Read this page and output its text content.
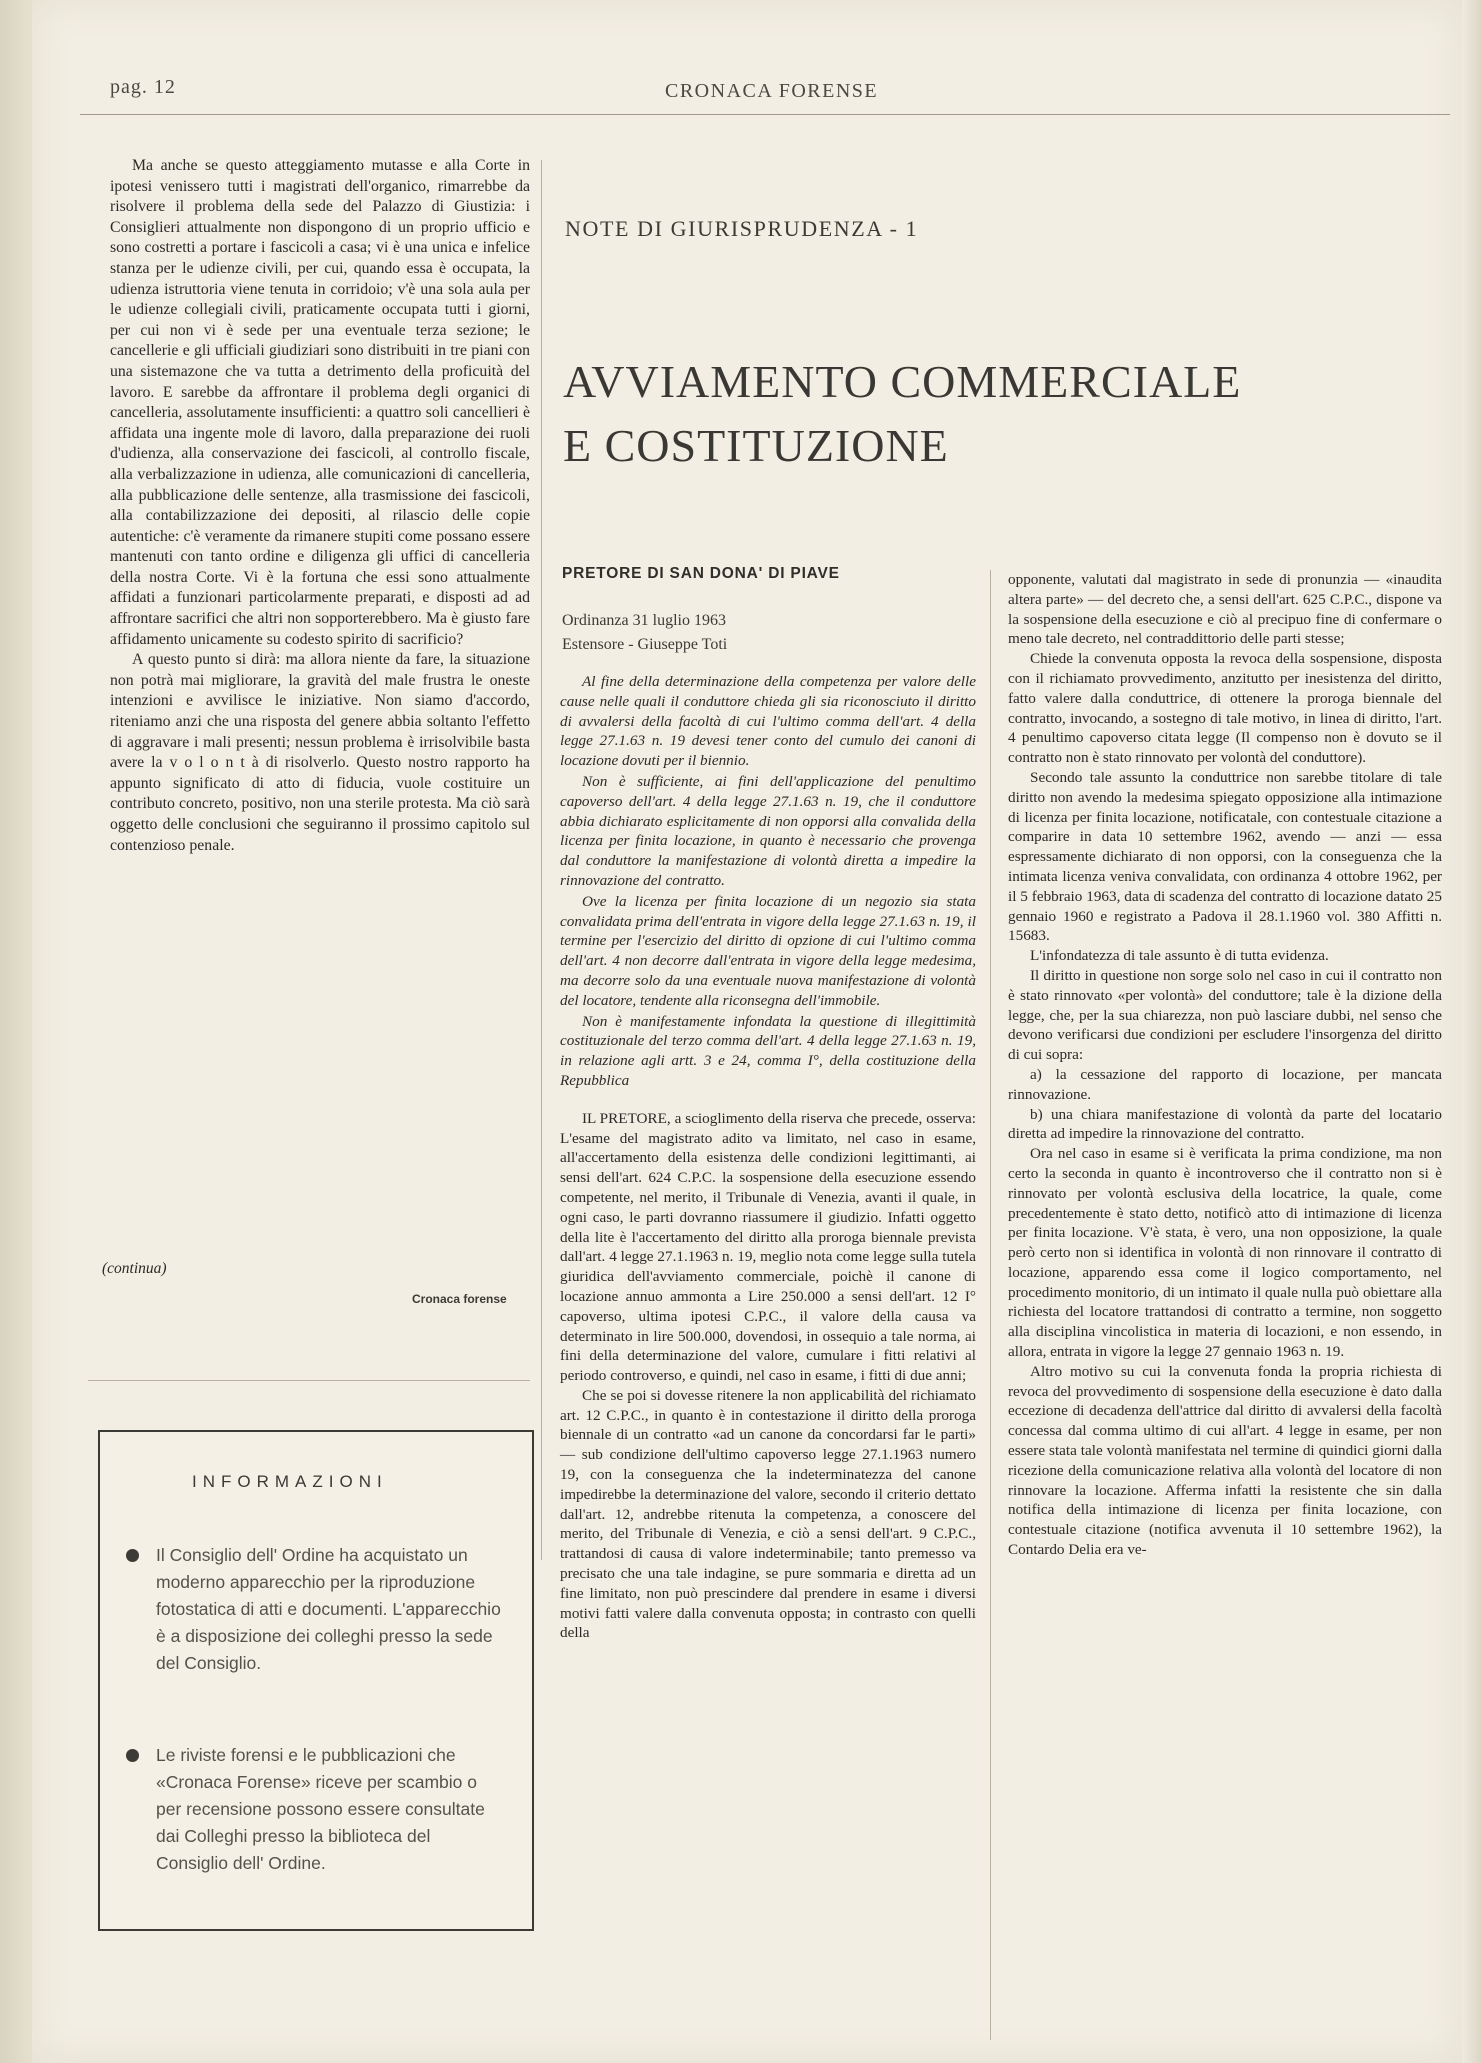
pag. 12	CRONACA FORENSE

Ma anche se questo atteggiamento mutasse e alla Corte in ipotesi venissero tutti i magistrati dell'organico, rimarrebbe da risolvere il problema della sede del Palazzo di Giustizia: i Consiglieri attualmente non dispongono di un proprio ufficio e sono costretti a portare i fascicoli a casa; vi è una unica e infelice stanza per le udienze civili, per cui, quando essa è occupata, la udienza istruttoria viene tenuta in corridoio; v'è una sola aula per le udienze collegiali civili, praticamente occupata tutti i giorni, per cui non vi è sede per una eventuale terza sezione; le cancellerie e gli ufficiali giudiziari sono distribuiti in tre piani con una sistemazone che va tutta a detrimento della proficuità del lavoro. E sarebbe da affrontare il problema degli organici di cancelleria, assolutamente insufficienti: a quattro soli cancellieri è affidata una ingente mole di lavoro, dalla preparazione dei ruoli d'udienza, alla conservazione dei fascicoli, al controllo fiscale, alla verbalizzazione in udienza, alle comunicazioni di cancelleria, alla pubblicazione delle sentenze, alla trasmissione dei fascicoli, alla contabilizzazione dei depositi, al rilascio delle copie autentiche: c'è veramente da rimanere stupiti come possano essere mantenuti con tanto ordine e diligenza gli uffici di cancelleria della nostra Corte. Vi è la fortuna che essi sono attualmente affidati a funzionari particolarmente preparati, e disposti ad ad affrontare sacrifici che altri non sopporterebbero. Ma è giusto fare affidamento unicamente su codesto spirito di sacrificio?

A questo punto si dirà: ma allora niente da fare, la situazione non potrà mai migliorare, la gravità del male frustra le oneste intenzioni e avvilisce le iniziative. Non siamo d'accordo, riteniamo anzi che una risposta del genere abbia soltanto l'effetto di aggravare i mali presenti; nessun problema è irrisolvibile basta avere la v o l o n t à di risolverlo. Questo nostro rapporto ha appunto significato di atto di fiducia, vuole costituire un contributo concreto, positivo, non una sterile protesta. Ma ciò sarà oggetto delle conclusioni che seguiranno il prossimo capitolo sul contenzioso penale.

(continua)
Cronaca forense
INFORMAZIONI
Il Consiglio dell' Ordine ha acquistato un moderno apparecchio per la riproduzione fotostatica di atti e documenti. L'apparecchio è a disposizione dei colleghi presso la sede del Consiglio.
Le riviste forensi e le pubblicazioni che «Cronaca Forense» riceve per scambio o per recensione possono essere consultate dai Colleghi presso la biblioteca del Consiglio dell' Ordine.
NOTE DI GIURISPRUDENZA - 1
AVVIAMENTO COMMERCIALE
E COSTITUZIONE
PRETORE DI SAN DONA' DI PIAVE
Ordinanza 31 luglio 1963
Estensore - Giuseppe Toti

Al fine della determinazione della competenza per valore delle cause nelle quali il conduttore chieda gli sia riconosciuto il diritto di avvalersi della facoltà di cui l'ultimo comma dell'art. 4 della legge 27.1.63 n. 19 devesi tener conto del cumulo dei canoni di locazione dovuti per il biennio.

Non è sufficiente, ai fini dell'applicazione del penultimo capoverso dell'art. 4 della legge 27.1.63 n. 19, che il conduttore abbia dichiarato esplicitamente di non opporsi alla convalida della licenza per finita locazione, in quanto è necessario che provenga dal conduttore la manifestazione di volontà diretta a impedire la rinnovazione del contratto.

Ove la licenza per finita locazione di un negozio sia stata convalidata prima dell'entrata in vigore della legge 27.1.63 n. 19, il termine per l'esercizio del diritto di opzione di cui l'ultimo comma dell'art. 4 non decorre dall'entrata in vigore della legge medesima, ma decorre solo da una eventuale nuova manifestazione di volontà del locatore, tendente alla riconsegna dell'immobile.

Non è manifestamente infondata la questione di illegittimità costituzionale del terzo comma dell'art. 4 della legge 27.1.63 n. 19, in relazione agli artt. 3 e 24, comma I°, della costituzione della Repubblica

IL PRETORE, a scioglimento della riserva che precede, osserva: L'esame del magistrato adito va limitato, nel caso in esame, all'accertamento della esistenza delle condizioni legittimanti, ai sensi dell'art. 624 C.P.C. la sospensione della esecuzione essendo competente, nel merito, il Tribunale di Venezia, avanti il quale, in ogni caso, le parti dovranno riassumere il giudizio. Infatti oggetto della lite è l'accertamento del diritto alla proroga biennale prevista dall'art. 4 legge 27.1.1963 n. 19, meglio nota come legge sulla tutela giuridica dell'avviamento commerciale, poichè il canone di locazione annuo ammonta a Lire 250.000 a sensi dell'art. 12 I° capoverso, ultima ipotesi C.P.C., il valore della causa va determinato in lire 500.000, dovendosi, in ossequio a tale norma, ai fini della determinazione del valore, cumulare i fitti relativi al periodo controverso, e quindi, nel caso in esame, i fitti di due anni;

Che se poi si dovesse ritenere la non applicabilità del richiamato art. 12 C.P.C., in quanto è in contestazione il diritto della proroga biennale di un contratto «ad un canone da concordarsi far le parti» — sub condizione dell'ultimo capoverso legge 27.1.1963 numero 19, con la conseguenza che la indeterminatezza del canone impedirebbe la determinazione del valore, secondo il criterio dettato dall'art. 12, andrebbe ritenuta la competenza, a conoscere del merito, del Tribunale di Venezia, e ciò a sensi dell'art. 9 C.P.C., trattandosi di causa di valore indeterminabile; tanto premesso va precisato che una tale indagine, se pure sommaria e diretta ad un fine limitato, non può prescindere dal prendere in esame i diversi motivi fatti valere dalla convenuta opposta; in contrasto con quelli della

opponente, valutati dal magistrato in sede di pronunzia — «inaudita altera parte» — del decreto che, a sensi dell'art. 625 C.P.C., dispone va la sospensione della esecuzione e ciò al precipuo fine di confermare o meno tale decreto, nel contraddittorio delle parti stesse;

Chiede la convenuta opposta la revoca della sospensione, disposta con il richiamato provvedimento, anzitutto per inesistenza del diritto, fatto valere dalla conduttrice, di ottenere la proroga biennale del contratto, invocando, a sostegno di tale motivo, in linea di diritto, l'art. 4 penultimo capoverso citata legge (Il compenso non è dovuto se il contratto non è stato rinnovato per volontà del conduttore).

Secondo tale assunto la conduttrice non sarebbe titolare di tale diritto non avendo la medesima spiegato opposizione alla intimazione di licenza per finita locazione, notificatale, con contestuale citazione a comparire in data 10 settembre 1962, avendo — anzi — essa espressamente dichiarato di non opporsi, con la conseguenza che la intimata licenza veniva convalidata, con ordinanza 4 ottobre 1962, per il 5 febbraio 1963, data di scadenza del contratto di locazione datato 25 gennaio 1960 e registrato a Padova il 28.1.1960 vol. 380 Affitti n. 15683.

L'infondatezza di tale assunto è di tutta evidenza.

Il diritto in questione non sorge solo nel caso in cui il contratto non è stato rinnovato «per volontà» del conduttore; tale è la dizione della legge, che, per la sua chiarezza, non può lasciare dubbi, nel senso che devono verificarsi due condizioni per escludere l'insorgenza del diritto di cui sopra:

a) la cessazione del rapporto di locazione, per mancata rinnovazione.

b) una chiara manifestazione di volontà da parte del locatario diretta ad impedire la rinnovazione del contratto.

Ora nel caso in esame si è verificata la prima condizione, ma non certo la seconda in quanto è incontroverso che il contratto non si è rinnovato per volontà esclusiva della locatrice, la quale, come precedentemente è stato detto, notificò atto di intimazione di licenza per finita locazione. V'è stata, è vero, una non opposizione, la quale però certo non si identifica in volontà di non rinnovare il contratto di locazione, apparendo essa come il logico comportamento, nel procedimento monitorio, di un intimato il quale nulla può obiettare alla richiesta del locatore trattandosi di contratto a termine, non soggetto alla disciplina vincolistica in materia di locazioni, e non essendo, in allora, entrata in vigore la legge 27 gennaio 1963 n. 19.

Altro motivo su cui la convenuta fonda la propria richiesta di revoca del provvedimento di sospensione della esecuzione è dato dalla eccezione di decadenza dell'attrice dal diritto di avvalersi della facoltà concessa dal comma ultimo di cui all'art. 4 legge in esame, per non essere stata tale volontà manifestata nel termine di quindici giorni dalla ricezione della comunicazione relativa alla volontà del locatore di non rinnovare la locazione. Afferma infatti la resistente che sin dalla notifica della intimazione di licenza per finita locazione, con contestuale citazione (notifica avvenuta il 10 settembre 1962), la Contardo Delia era ve-
